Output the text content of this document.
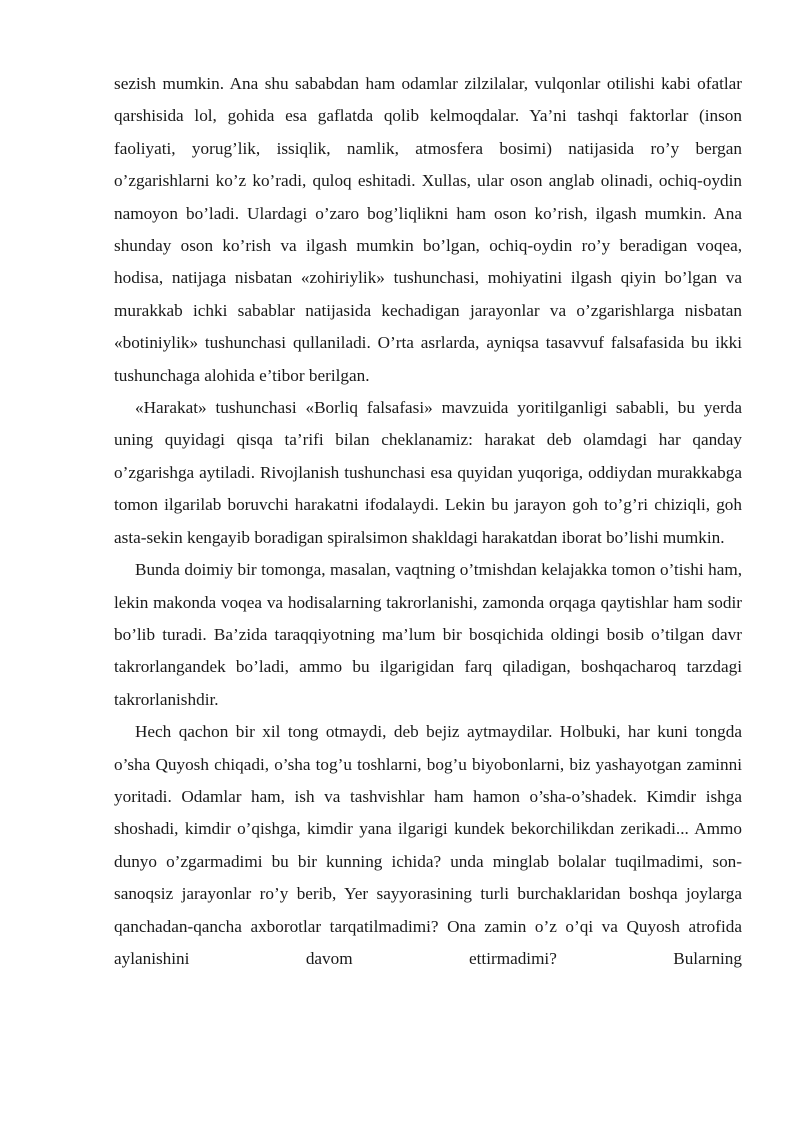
sezish mumkin. Ana shu sababdan ham odamlar zilzilalar, vulqonlar otilishi kabi ofatlar qarshisida lol, gohida esa gaflatda qolib kelmoqdalar. Ya’ni tashqi faktorlar (inson faoliyati, yorug’lik, issiqlik, namlik, atmosfera bosimi) natijasida ro’y bergan o’zgarishlarni ko’z ko’radi, quloq eshitadi. Xullas, ular oson anglab olinadi, ochiq-oydin namoyon bo’ladi. Ulardagi o’zaro bog’liqlikni ham oson ko’rish, ilgash mumkin. Ana shunday oson ko’rish va ilgash mumkin bo’lgan, ochiq-oydin ro’y beradigan voqea, hodisa, natijaga nisbatan «zohiriylik» tushunchasi, mohiyatini ilgash qiyin bo’lgan va murakkab ichki sabablar natijasida kechadigan jarayonlar va o’zgarishlarga nisbatan «botiniylik» tushunchasi qullaniladi. O’rta asrlarda, ayniqsa tasavvuf falsafasida bu ikki tushunchaga alohida e’tibor berilgan.

«Harakat» tushunchasi «Borliq falsafasi» mavzuida yoritilganligi sababli, bu yerda uning quyidagi qisqa ta’rifi bilan cheklanamiz: harakat deb olamdagi har qanday o’zgarishga aytiladi. Rivojlanish tushunchasi esa quyidan yuqoriga, oddiydan murakkabga tomon ilgarilab boruvchi harakatni ifodalaydi. Lekin bu jarayon goh to’g’ri chiziqli, goh asta-sekin kengayib boradigan spiralsimon shakldagi harakatdan iborat bo’lishi mumkin.

Bunda doimiy bir tomonga, masalan, vaqtning o’tmishdan kelajakka tomon o’tishi ham, lekin makonda voqea va hodisalarning takrorlanishi, zamonda orqaga qaytishlar ham sodir bo’lib turadi. Ba’zida taraqqiyotning ma’lum bir bosqichida oldingi bosib o’tilgan davr takrorlangandek bo’ladi, ammo bu ilgarigidan farq qiladigan, boshqacharoq tarzdagi takrorlanishdir.

Hech qachon bir xil tong otmaydi, deb bejiz aytmaydilar. Holbuki, har kuni tongda o’sha Quyosh chiqadi, o’sha tog’u toshlarni, bog’u biyobonlarni, biz yashayotgan zaminni yoritadi. Odamlar ham, ish va tashvishlar ham hamon o’sha-o’shadek. Kimdir ishga shoshadi, kimdir o’qishga, kimdir yana ilgarigi kundek bekorchilikdan zerikadi... Ammo dunyo o’zgarmadimi bu bir kunning ichida? unda minglab bolalar tuqilmadimi, son-sanoqsiz jarayonlar ro’y berib, Yer sayyorasining turli burchaklaridan boshqa joylarga qanchadan-qancha axborotlar tarqatilmadimi? Ona zamin o’z o’qi va Quyosh atrofida aylanishini davom ettirmadimi? Bularning
